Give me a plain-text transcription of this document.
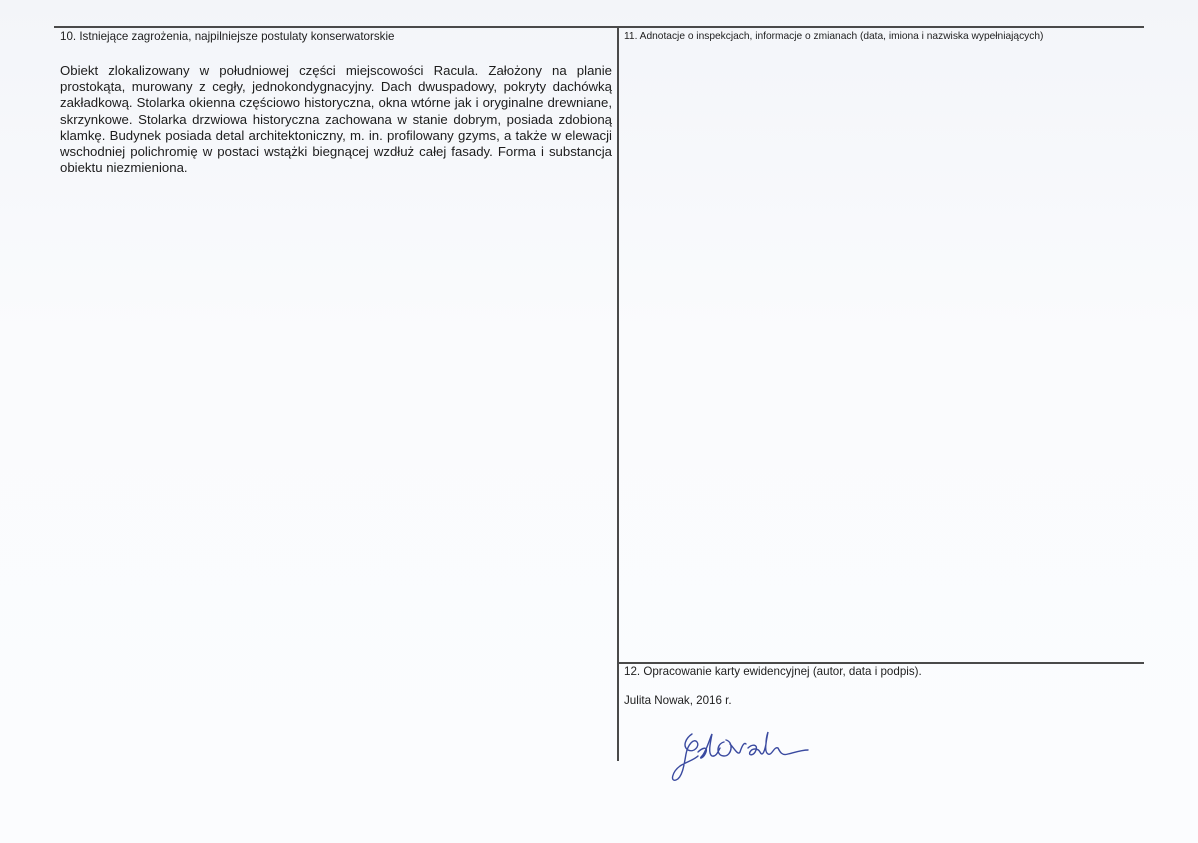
10. Istniejące zagrożenia, najpilniejsze postulaty konserwatorskie
Obiekt zlokalizowany w południowej części miejscowości Racula. Założony na planie prostokąta, murowany z cegły, jednokondygnacyjny. Dach dwuspadowy, pokryty dachówką zakładkową. Stolarka okienna częściowo historyczna, okna wtórne jak i oryginalne drewniane, skrzynkowe. Stolarka drzwiowa historyczna zachowana w stanie dobrym, posiada zdobioną klamkę. Budynek posiada detal architektoniczny, m. in. profilowany gzyms, a także w elewacji wschodniej polichromię w postaci wstążki biegnącej wzdłuż całej fasady. Forma i substancja obiektu niezmieniona.
11. Adnotacje o inspekcjach, informacje o zmianach (data, imiona i nazwiska wypełniających)
12. Opracowanie karty ewidencyjnej (autor, data i podpis).
Julita Nowak, 2016 r.
